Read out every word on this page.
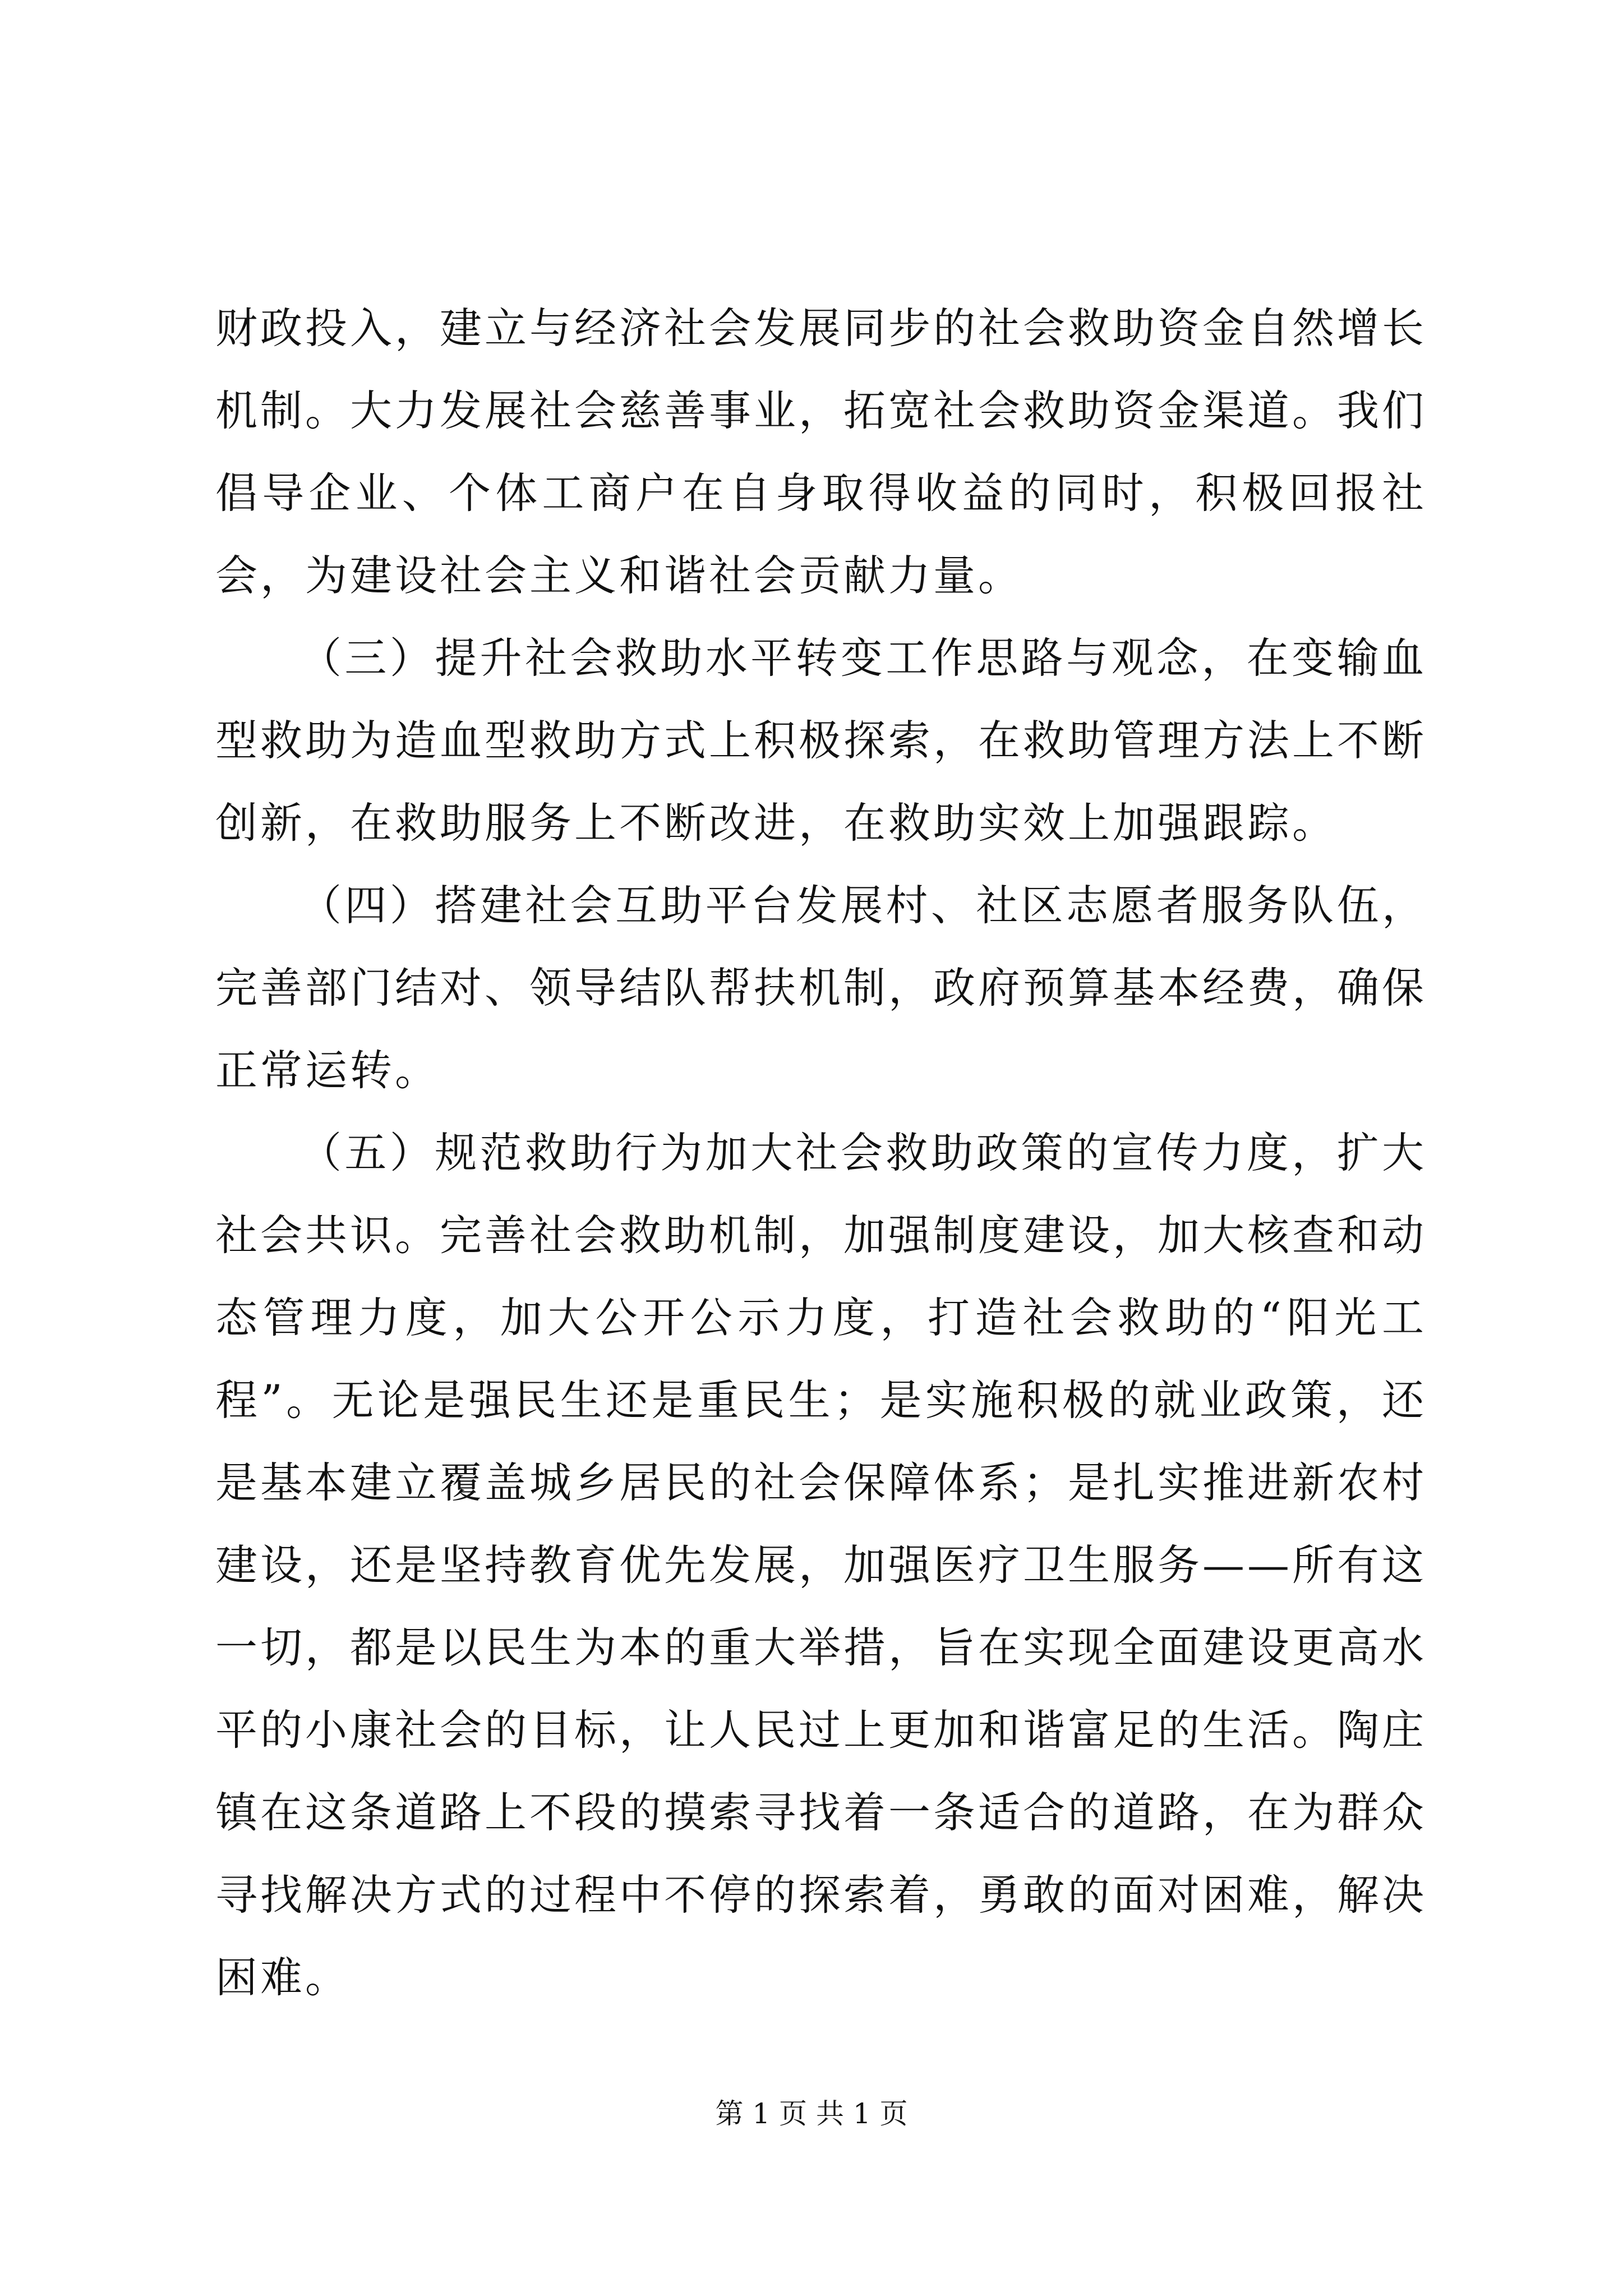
财政投入，建立与经济社会发展同步的社会救助资金自然增长机制。大力发展社会慈善事业，拓宽社会救助资金渠道。我们倡导企业、个体工商户在自身取得收益的同时，积极回报社会，为建设社会主义和谐社会贡献力量。

（三）提升社会救助水平转变工作思路与观念，在变输血型救助为造血型救助方式上积极探索，在救助管理方法上不断创新，在救助服务上不断改进，在救助实效上加强跟踪。

（四）搭建社会互助平台发展村、社区志愿者服务队伍，完善部门结对、领导结队帮扶机制，政府预算基本经费，确保正常运转。

（五）规范救助行为加大社会救助政策的宣传力度，扩大社会共识。完善社会救助机制，加强制度建设，加大核查和动态管理力度，加大公开公示力度，打造社会救助的“阳光工程”。无论是强民生还是重民生；是实施积极的就业政策，还是基本建立覆盖城乡居民的社会保障体系；是扎实推进新农村建设，还是坚持教育优先发展，加强医疗卫生服务——所有这一切，都是以民生为本的重大举措，旨在实现全面建设更高水平的小康社会的目标，让人民过上更加和谐富足的生活。陶庄镇在这条道路上不段的摸索寻找着一条适合的道路，在为群众寻找解决方式的过程中不停的探索着，勇敢的面对困难，解决困难。

第 1 页 共 1 页
